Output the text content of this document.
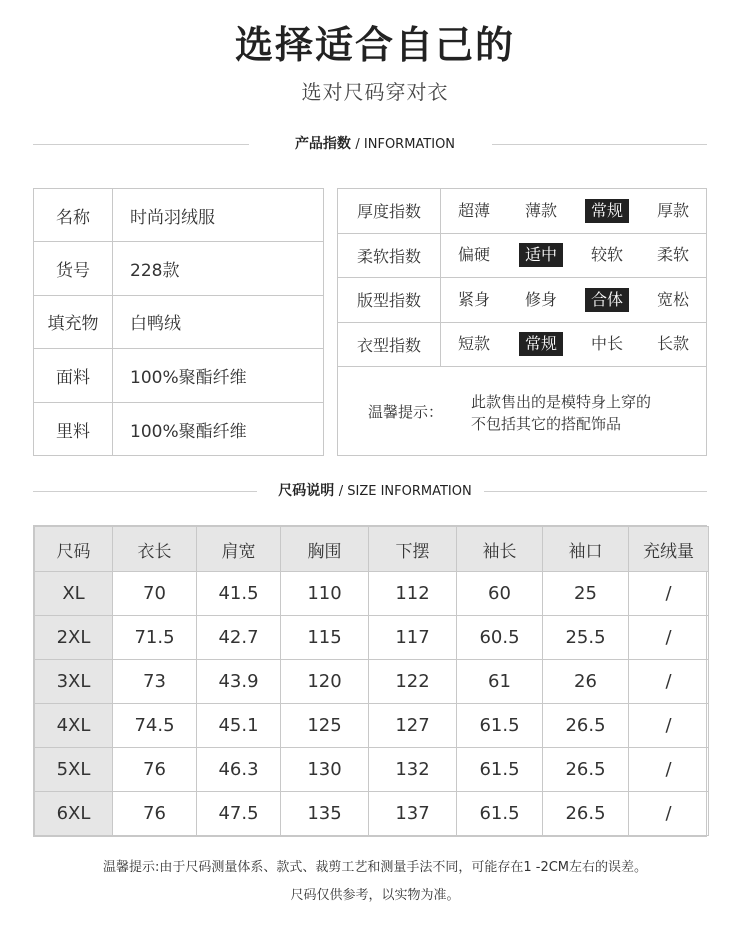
选择适合自己的
选对尺码穿对衣
产品指数 / INFORMATION
名称	时尚羽绒服
货号	228款
填充物	白鸭绒
面料	100%聚酯纤维
里料	100%聚酯纤维
厚度指数	超薄	薄款	常规	厚款
柔软指数	偏硬	适中	较软	柔软
版型指数	紧身	修身	合体	宽松
衣型指数	短款	常规	中长	长款
温馨提示：
此款售出的是模特身上穿的
不包括其它的搭配饰品
尺码说明 / SIZE INFORMATION
尺码	衣长	肩宽	胸围	下摆	袖长	袖口	充绒量
XL	70	41.5	110	112	60	25	/
2XL	71.5	42.7	115	117	60.5	25.5	/
3XL	73	43.9	120	122	61	26	/
4XL	74.5	45.1	125	127	61.5	26.5	/
5XL	76	46.3	130	132	61.5	26.5	/
6XL	76	47.5	135	137	61.5	26.5	/
温馨提示:由于尺码测量体系、款式、裁剪工艺和测量手法不同，可能存在1 -2CM左右的误差。
尺码仅供参考，以实物为准。
